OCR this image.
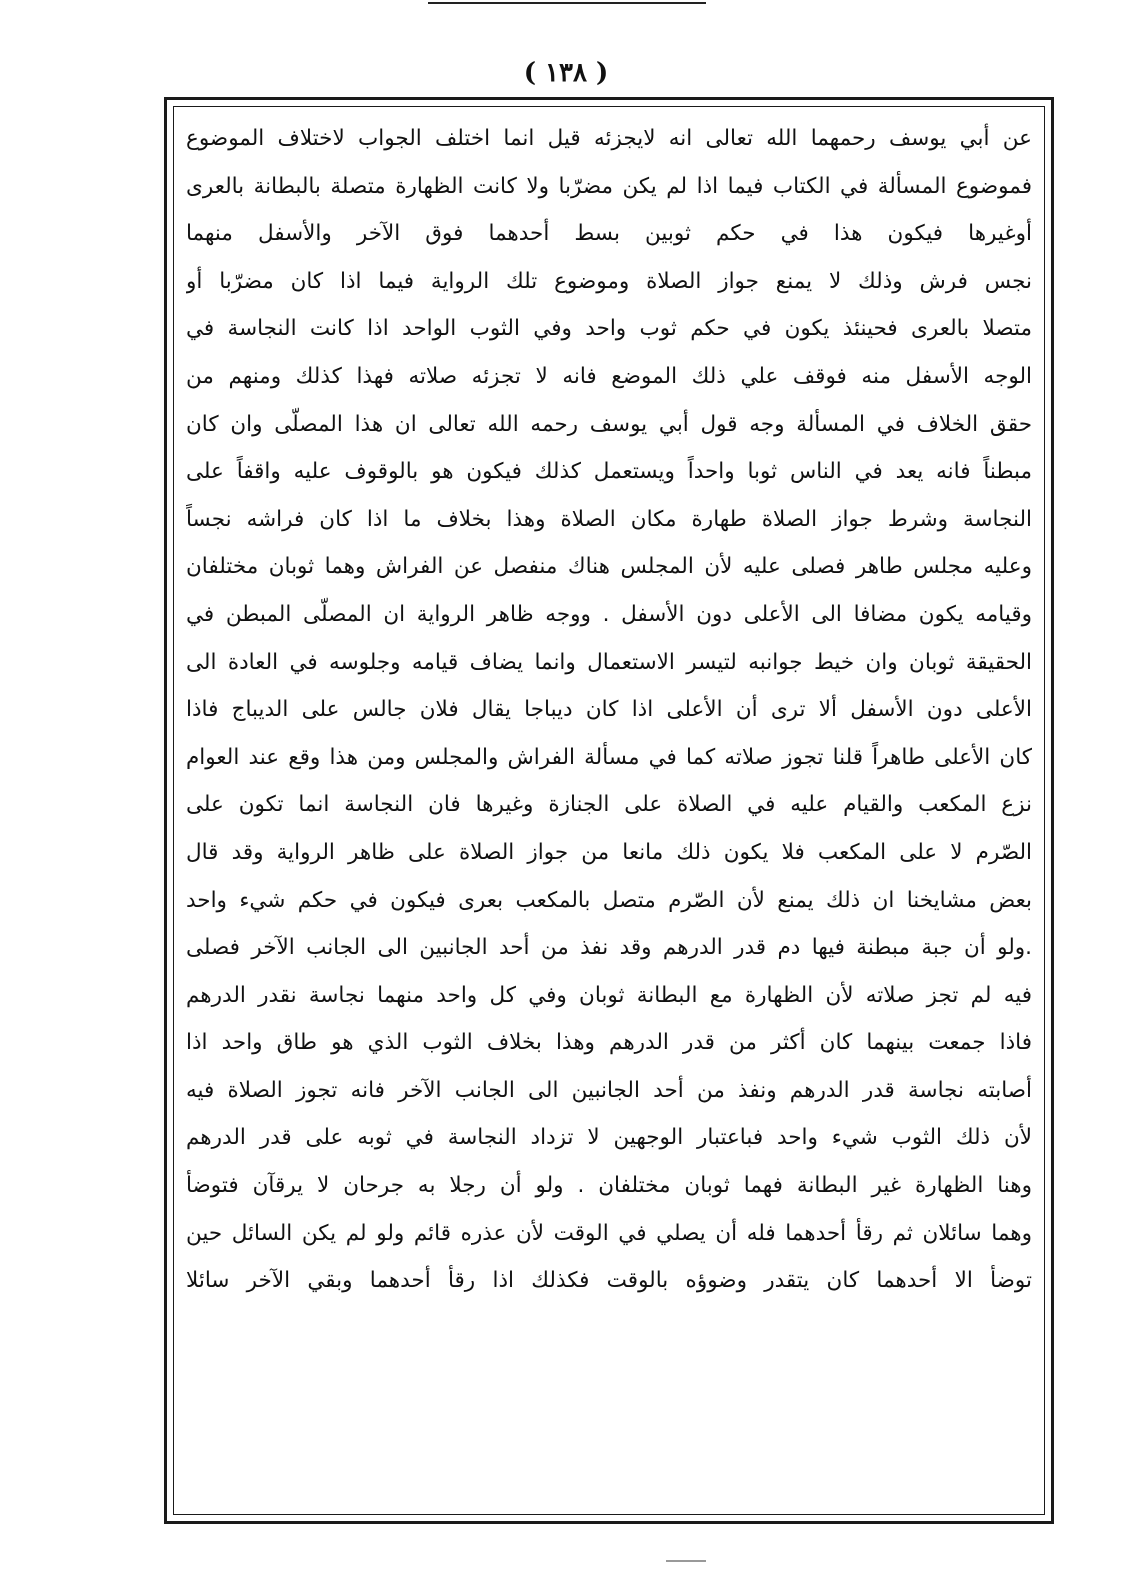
( ١٣٨ )
عن أبي يوسف رحمهما الله تعالى انه لايجزئه قيل انما اختلف الجواب لاختلاف الموضوع
فموضوع المسألة في الكتاب فيما اذا لم يكن مضرّبا ولا كانت الظهارة متصلة بالبطانة بالعرى
أوغيرها فيكون هذا في حكم ثوبين بسط أحدهما فوق الآخر والأسفل منهما
نجس فرش وذلك لا يمنع جواز الصلاة وموضوع تلك الرواية فيما اذا كان مضرّبا أو
متصلا بالعرى فحينئذ يكون في حكم ثوب واحد وفي الثوب الواحد اذا كانت النجاسة في
الوجه الأسفل منه فوقف علي ذلك الموضع فانه لا تجزئه صلاته فهذا كذلك ومنهم من
حقق الخلاف في المسألة وجه قول أبي يوسف رحمه الله تعالى ان هذا المصلّى وان كان
مبطناً فانه يعد في الناس ثوبا واحداً ويستعمل كذلك فيكون هو بالوقوف عليه واقفاً على
النجاسة وشرط جواز الصلاة طهارة مكان الصلاة وهذا بخلاف ما اذا كان فراشه نجساً
وعليه مجلس طاهر فصلى عليه لأن المجلس هناك منفصل عن الفراش وهما ثوبان مختلفان
وقيامه يكون مضافا الى الأعلى دون الأسفل . ووجه ظاهر الرواية ان المصلّى المبطن في
الحقيقة ثوبان وان خيط جوانبه لتيسر الاستعمال وانما يضاف قيامه وجلوسه في العادة الى
الأعلى دون الأسفل ألا ترى أن الأعلى اذا كان ديباجا يقال فلان جالس على الديباج فاذا
كان الأعلى طاهراً قلنا تجوز صلاته كما في مسألة الفراش والمجلس ومن هذا وقع عند العوام
نزع المكعب والقيام عليه في الصلاة على الجنازة وغيرها فان النجاسة انما تكون على
الصّرم لا على المكعب فلا يكون ذلك مانعا من جواز الصلاة على ظاهر الرواية وقد قال
بعض مشايخنا ان ذلك يمنع لأن الصّرم متصل بالمكعب بعرى فيكون في حكم شيء واحد
.ولو أن جبة مبطنة فيها دم قدر الدرهم وقد نفذ من أحد الجانبين الى الجانب الآخر فصلى
فيه لم تجز صلاته لأن الظهارة مع البطانة ثوبان وفي كل واحد منهما نجاسة نقدر الدرهم
فاذا جمعت بينهما كان أكثر من قدر الدرهم وهذا بخلاف الثوب الذي هو طاق واحد اذا
أصابته نجاسة قدر الدرهم ونفذ من أحد الجانبين الى الجانب الآخر فانه تجوز الصلاة فيه
لأن ذلك الثوب شيء واحد فباعتبار الوجهين لا تزداد النجاسة في ثوبه على قدر الدرهم
وهنا الظهارة غير البطانة فهما ثوبان مختلفان . ولو أن رجلا به جرحان لا يرقآن فتوضأ
وهما سائلان ثم رقأ أحدهما فله أن يصلي في الوقت لأن عذره قائم ولو لم يكن السائل حين
توضأ الا أحدهما كان يتقدر وضوؤه بالوقت فكذلك اذا رقأ أحدهما وبقي الآخر سائلا
